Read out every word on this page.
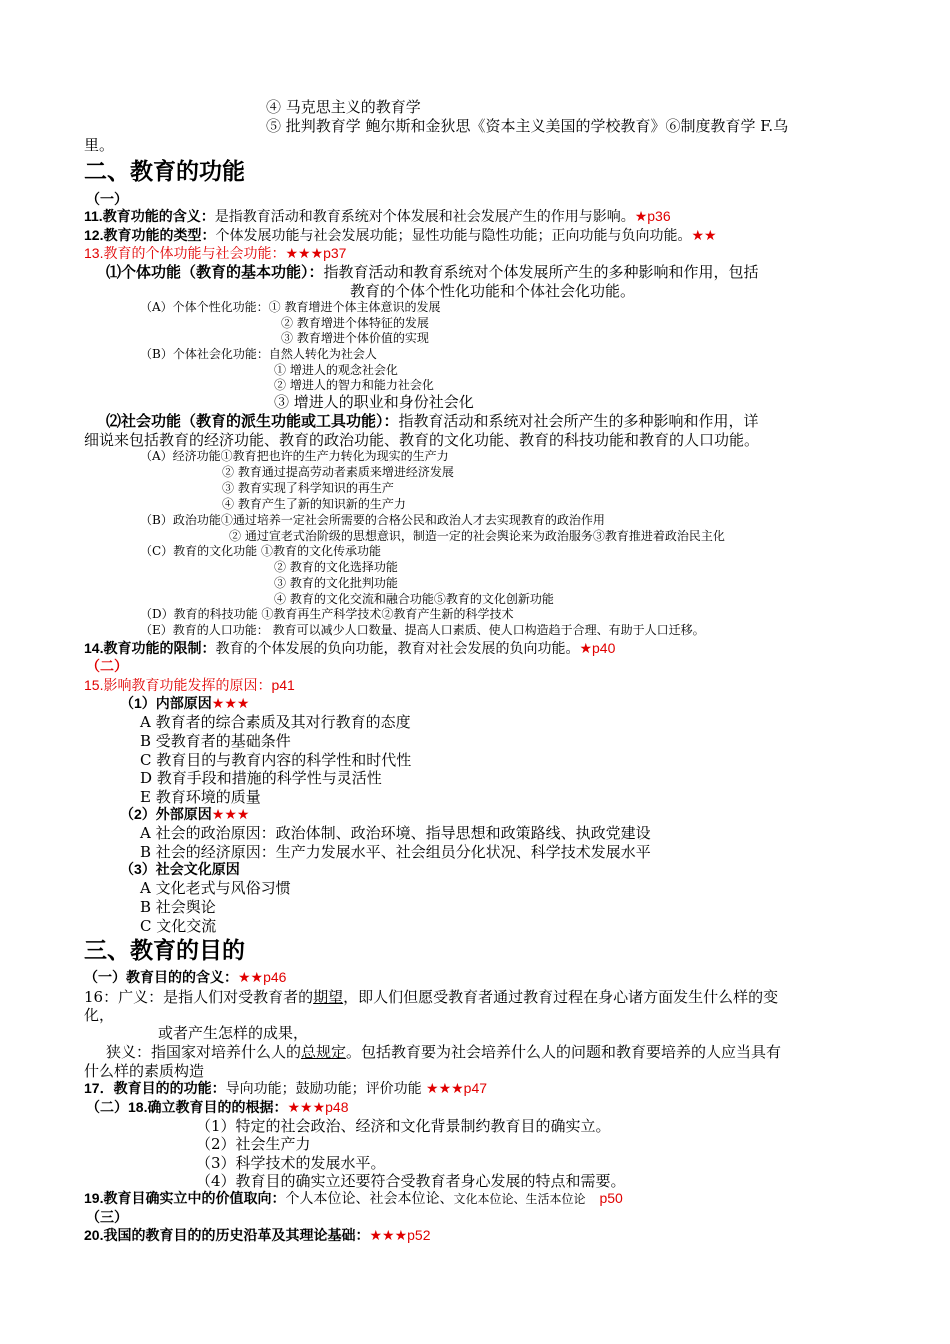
④ 马克思主义的教育学
⑤ 批判教育学 鲍尔斯和金狄思《资本主义美国的学校教育》⑥制度教育学 F.乌
里。
二、教育的功能
（一）
11.教育功能的含义：是指教育活动和教育系统对个体发展和社会发展产生的作用与影响。★p36
12.教育功能的类型：个体发展功能与社会发展功能；显性功能与隐性功能；正向功能与负向功能。★★
13.教育的个体功能与社会功能：★★★p37
⑴个体功能（教育的基本功能）：指教育活动和教育系统对个体发展所产生的多种影响和作用，包括
教育的个体个性化功能和个体社会化功能。
（A）个体个性化功能：① 教育增进个体主体意识的发展
② 教育增进个体特征的发展
③ 教育增进个体价值的实现
（B）个体社会化功能：自然人转化为社会人
① 增进人的观念社会化
② 增进人的智力和能力社会化
③ 增进人的职业和身份社会化
⑵社会功能（教育的派生功能或工具功能）：指教育活动和系统对社会所产生的多种影响和作用，详
细说来包括教育的经济功能、教育的政治功能、教育的文化功能、教育的科技功能和教育的人口功能。
（A）经济功能①教育把也许的生产力转化为现实的生产力
② 教育通过提高劳动者素质来增进经济发展
③ 教育实现了科学知识的再生产
④ 教育产生了新的知识新的生产力
（B）政治功能①通过培养一定社会所需要的合格公民和政治人才去实现教育的政治作用
② 通过宣老式治阶级的思想意识，制造一定的社会舆论来为政治服务③教育推进着政治民主化
（C）教育的文化功能 ①教育的文化传承功能
② 教育的文化选择功能
③ 教育的文化批判功能
④ 教育的文化交流和融合功能⑤教育的文化创新功能
（D）教育的科技功能 ①教育再生产科学技术②教育产生新的科学技术
（E）教育的人口功能： 教育可以减少人口数量、提高人口素质、使人口构造趋于合理、有助于人口迁移。
14.教育功能的限制：教育的个体发展的负向功能，教育对社会发展的负向功能。★p40
（二）
15.影响教育功能发挥的原因：p41
（1）内部原因★★★
A 教育者的综合素质及其对行教育的态度
B 受教育者的基础条件
C 教育目的与教育内容的科学性和时代性
D 教育手段和措施的科学性与灵活性
E 教育环境的质量
（2）外部原因★★★
A 社会的政治原因：政治体制、政治环境、指导思想和政策路线、执政党建设
B 社会的经济原因：生产力发展水平、社会组员分化状况、科学技术发展水平
（3）社会文化原因
A 文化老式与风俗习惯
B 社会舆论
C 文化交流
三、教育的目的
（一）教育目的的含义：★★p46
16：广义：是指人们对受教育者的期望，即人们但愿受教育者通过教育过程在身心诸方面发生什么样的变
化，
或者产生怎样的成果，
狭义：指国家对培养什么人的总规定。包括教育要为社会培养什么人的问题和教育要培养的人应当具有
什么样的素质构造
17．教育目的的功能：导向功能；鼓励功能；评价功能 ★★★p47
（二）18.确立教育目的的根据：★★★p48
（1）特定的社会政治、经济和文化背景制约教育目的确实立。
（2）社会生产力
（3）科学技术的发展水平。
（4）教育目的确实立还要符合受教育者身心发展的特点和需要。
19.教育目确实立中的价值取向：个人本位论、社会本位论、文化本位论、生活本位论 p50
（三）
20.我国的教育目的的历史沿革及其理论基础：★★★p52
